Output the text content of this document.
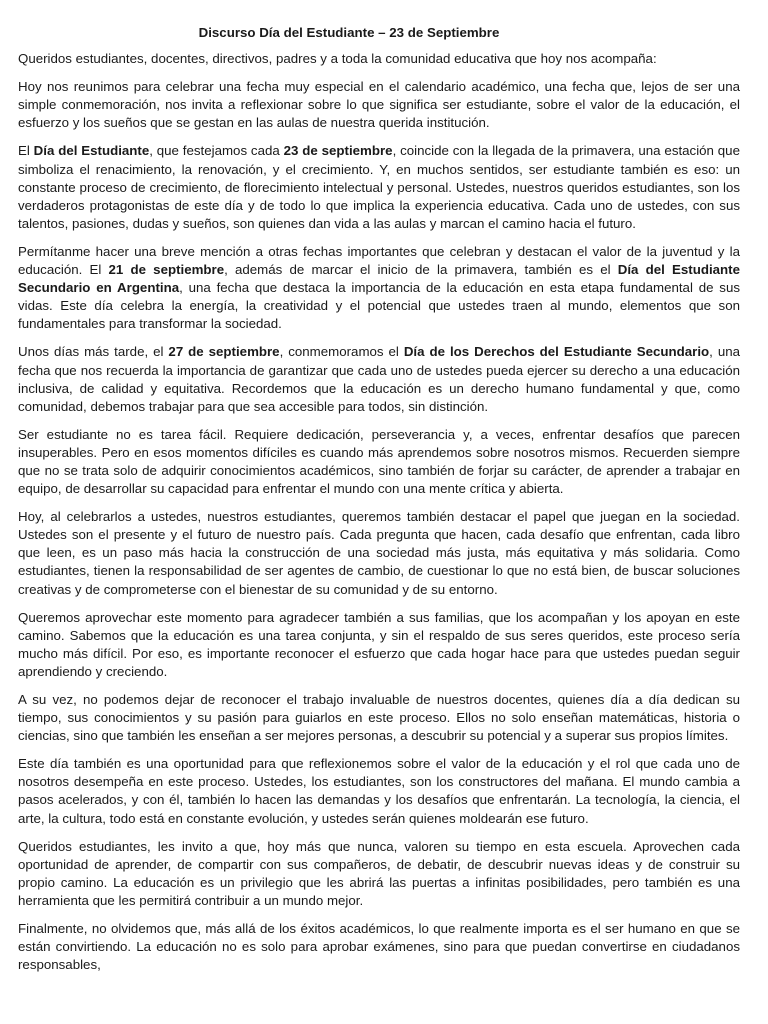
Discurso Día del Estudiante – 23 de Septiembre

Queridos estudiantes, docentes, directivos, padres y a toda la comunidad educativa que hoy nos acompaña:

Hoy nos reunimos para celebrar una fecha muy especial en el calendario académico, una fecha que, lejos de ser una simple conmemoración, nos invita a reflexionar sobre lo que significa ser estudiante, sobre el valor de la educación, el esfuerzo y los sueños que se gestan en las aulas de nuestra querida institución.

El Día del Estudiante, que festejamos cada 23 de septiembre, coincide con la llegada de la primavera, una estación que simboliza el renacimiento, la renovación, y el crecimiento. Y, en muchos sentidos, ser estudiante también es eso: un constante proceso de crecimiento, de florecimiento intelectual y personal. Ustedes, nuestros queridos estudiantes, son los verdaderos protagonistas de este día y de todo lo que implica la experiencia educativa. Cada uno de ustedes, con sus talentos, pasiones, dudas y sueños, son quienes dan vida a las aulas y marcan el camino hacia el futuro.

Permítanme hacer una breve mención a otras fechas importantes que celebran y destacan el valor de la juventud y la educación. El 21 de septiembre, además de marcar el inicio de la primavera, también es el Día del Estudiante Secundario en Argentina, una fecha que destaca la importancia de la educación en esta etapa fundamental de sus vidas. Este día celebra la energía, la creatividad y el potencial que ustedes traen al mundo, elementos que son fundamentales para transformar la sociedad.

Unos días más tarde, el 27 de septiembre, conmemoramos el Día de los Derechos del Estudiante Secundario, una fecha que nos recuerda la importancia de garantizar que cada uno de ustedes pueda ejercer su derecho a una educación inclusiva, de calidad y equitativa. Recordemos que la educación es un derecho humano fundamental y que, como comunidad, debemos trabajar para que sea accesible para todos, sin distinción.

Ser estudiante no es tarea fácil. Requiere dedicación, perseverancia y, a veces, enfrentar desafíos que parecen insuperables. Pero en esos momentos difíciles es cuando más aprendemos sobre nosotros mismos. Recuerden siempre que no se trata solo de adquirir conocimientos académicos, sino también de forjar su carácter, de aprender a trabajar en equipo, de desarrollar su capacidad para enfrentar el mundo con una mente crítica y abierta.

Hoy, al celebrarlos a ustedes, nuestros estudiantes, queremos también destacar el papel que juegan en la sociedad. Ustedes son el presente y el futuro de nuestro país. Cada pregunta que hacen, cada desafío que enfrentan, cada libro que leen, es un paso más hacia la construcción de una sociedad más justa, más equitativa y más solidaria. Como estudiantes, tienen la responsabilidad de ser agentes de cambio, de cuestionar lo que no está bien, de buscar soluciones creativas y de comprometerse con el bienestar de su comunidad y de su entorno.

Queremos aprovechar este momento para agradecer también a sus familias, que los acompañan y los apoyan en este camino. Sabemos que la educación es una tarea conjunta, y sin el respaldo de sus seres queridos, este proceso sería mucho más difícil. Por eso, es importante reconocer el esfuerzo que cada hogar hace para que ustedes puedan seguir aprendiendo y creciendo.

A su vez, no podemos dejar de reconocer el trabajo invaluable de nuestros docentes, quienes día a día dedican su tiempo, sus conocimientos y su pasión para guiarlos en este proceso. Ellos no solo enseñan matemáticas, historia o ciencias, sino que también les enseñan a ser mejores personas, a descubrir su potencial y a superar sus propios límites.

Este día también es una oportunidad para que reflexionemos sobre el valor de la educación y el rol que cada uno de nosotros desempeña en este proceso. Ustedes, los estudiantes, son los constructores del mañana. El mundo cambia a pasos acelerados, y con él, también lo hacen las demandas y los desafíos que enfrentarán. La tecnología, la ciencia, el arte, la cultura, todo está en constante evolución, y ustedes serán quienes moldearán ese futuro.

Queridos estudiantes, les invito a que, hoy más que nunca, valoren su tiempo en esta escuela. Aprovechen cada oportunidad de aprender, de compartir con sus compañeros, de debatir, de descubrir nuevas ideas y de construir su propio camino. La educación es un privilegio que les abrirá las puertas a infinitas posibilidades, pero también es una herramienta que les permitirá contribuir a un mundo mejor.

Finalmente, no olvidemos que, más allá de los éxitos académicos, lo que realmente importa es el ser humano en que se están convirtiendo. La educación no es solo para aprobar exámenes, sino para que puedan convertirse en ciudadanos responsables,
